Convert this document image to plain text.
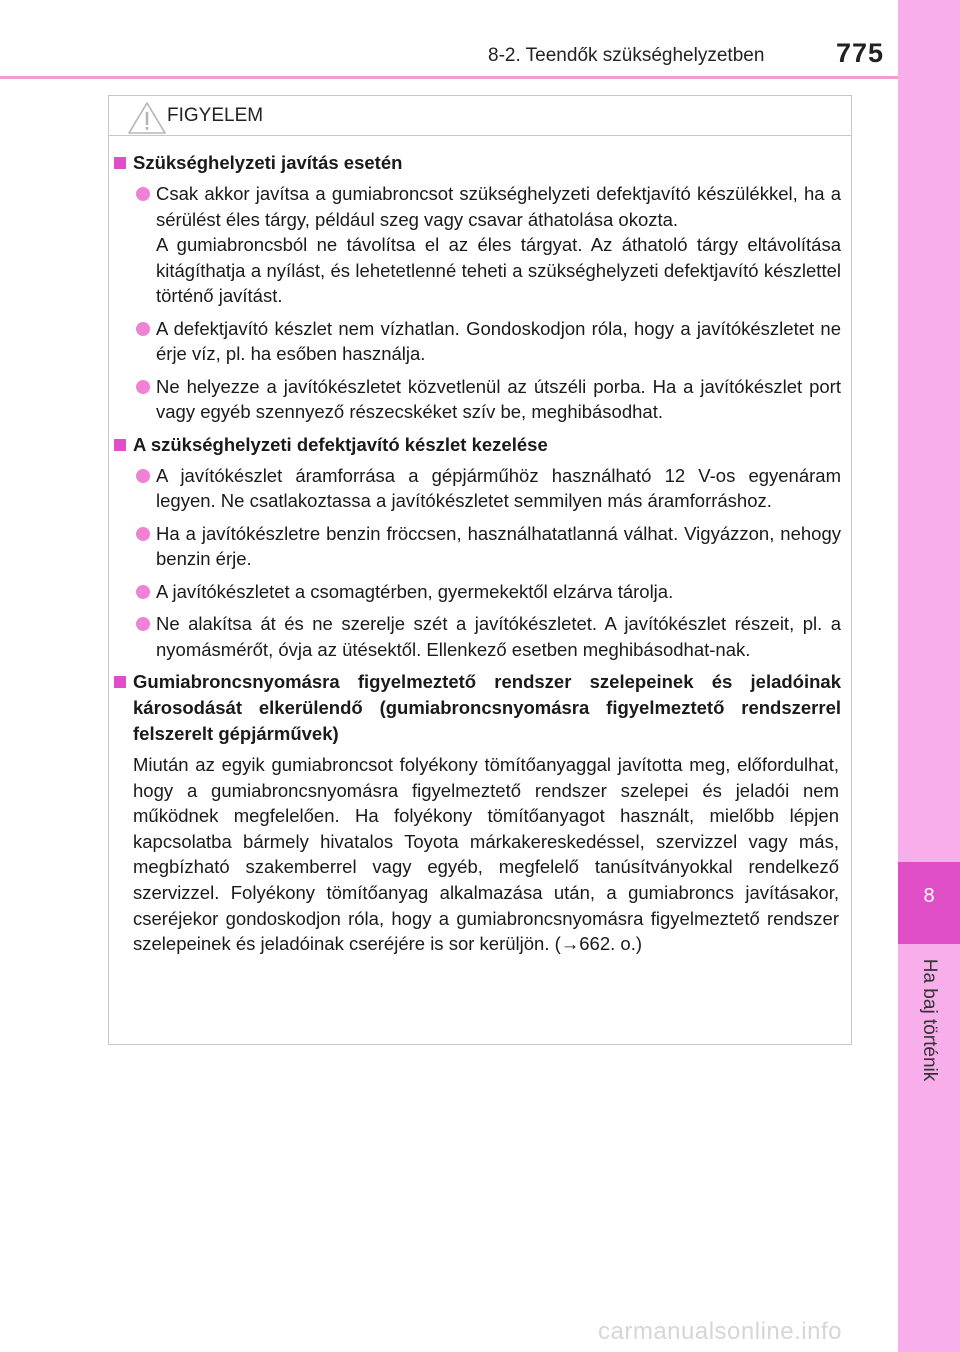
8-2. Teendők szükséghelyzetben	775
8
Ha baj történik
FIGYELEM
Szükséghelyzeti javítás esetén

Csak akkor javítsa a gumiabroncsot szükséghelyzeti defektjavító készülékkel, ha a sérülést éles tárgy, például szeg vagy csavar áthatolása okozta.

A gumiabroncsból ne távolítsa el az éles tárgyat. Az áthatoló tárgy eltávolítása kitágíthatja a nyílást, és lehetetlenné teheti a szükséghelyzeti defektjavító készlettel történő javítást.

A defektjavító készlet nem vízhatlan. Gondoskodjon róla, hogy a javítókészletet ne érje víz, pl. ha esőben használja.

Ne helyezze a javítókészletet közvetlenül az útszéli porba. Ha a javítókészlet port vagy egyéb szennyező részecskéket szív be, meghibásodhat.

A szükséghelyzeti defektjavító készlet kezelése

A javítókészlet áramforrása a gépjárműhöz használható 12 V-os egyenáram legyen. Ne csatlakoztassa a javítókészletet semmilyen más áramforráshoz.

Ha a javítókészletre benzin fröccsen, használhatatlanná válhat. Vigyázzon, nehogy benzin érje.

A javítókészletet a csomagtérben, gyermekektől elzárva tárolja.

Ne alakítsa át és ne szerelje szét a javítókészletet. A javítókészlet részeit, pl. a nyomásmérőt, óvja az ütésektől. Ellenkező esetben meghibásodhat-nak.

Gumiabroncsnyomásra figyelmeztető rendszer szelepeinek és jeladóinak károsodását elkerülendő (gumiabroncsnyomásra figyelmeztető rendszerrel felszerelt gépjárművek)
Miután az egyik gumiabroncsot folyékony tömítőanyaggal javította meg, előfordulhat, hogy a gumiabroncsnyomásra figyelmeztető rendszer szelepei és jeladói nem működnek megfelelően. Ha folyékony tömítőanyagot használt, mielőbb lépjen kapcsolatba bármely hivatalos Toyota márkakereskedéssel, szervizzel vagy más, megbízható szakemberrel vagy egyéb, megfelelő tanúsítványokkal rendelkező szervizzel. Folyékony tömítőanyag alkalmazása után, a gumiabroncs javításakor, cseréjekor gondoskodjon róla, hogy a gumiabroncsnyomásra figyelmeztető rendszer szelepeinek és jeladóinak cseréjére is sor kerüljön. (→662. o.)
carmanualsonline.info
